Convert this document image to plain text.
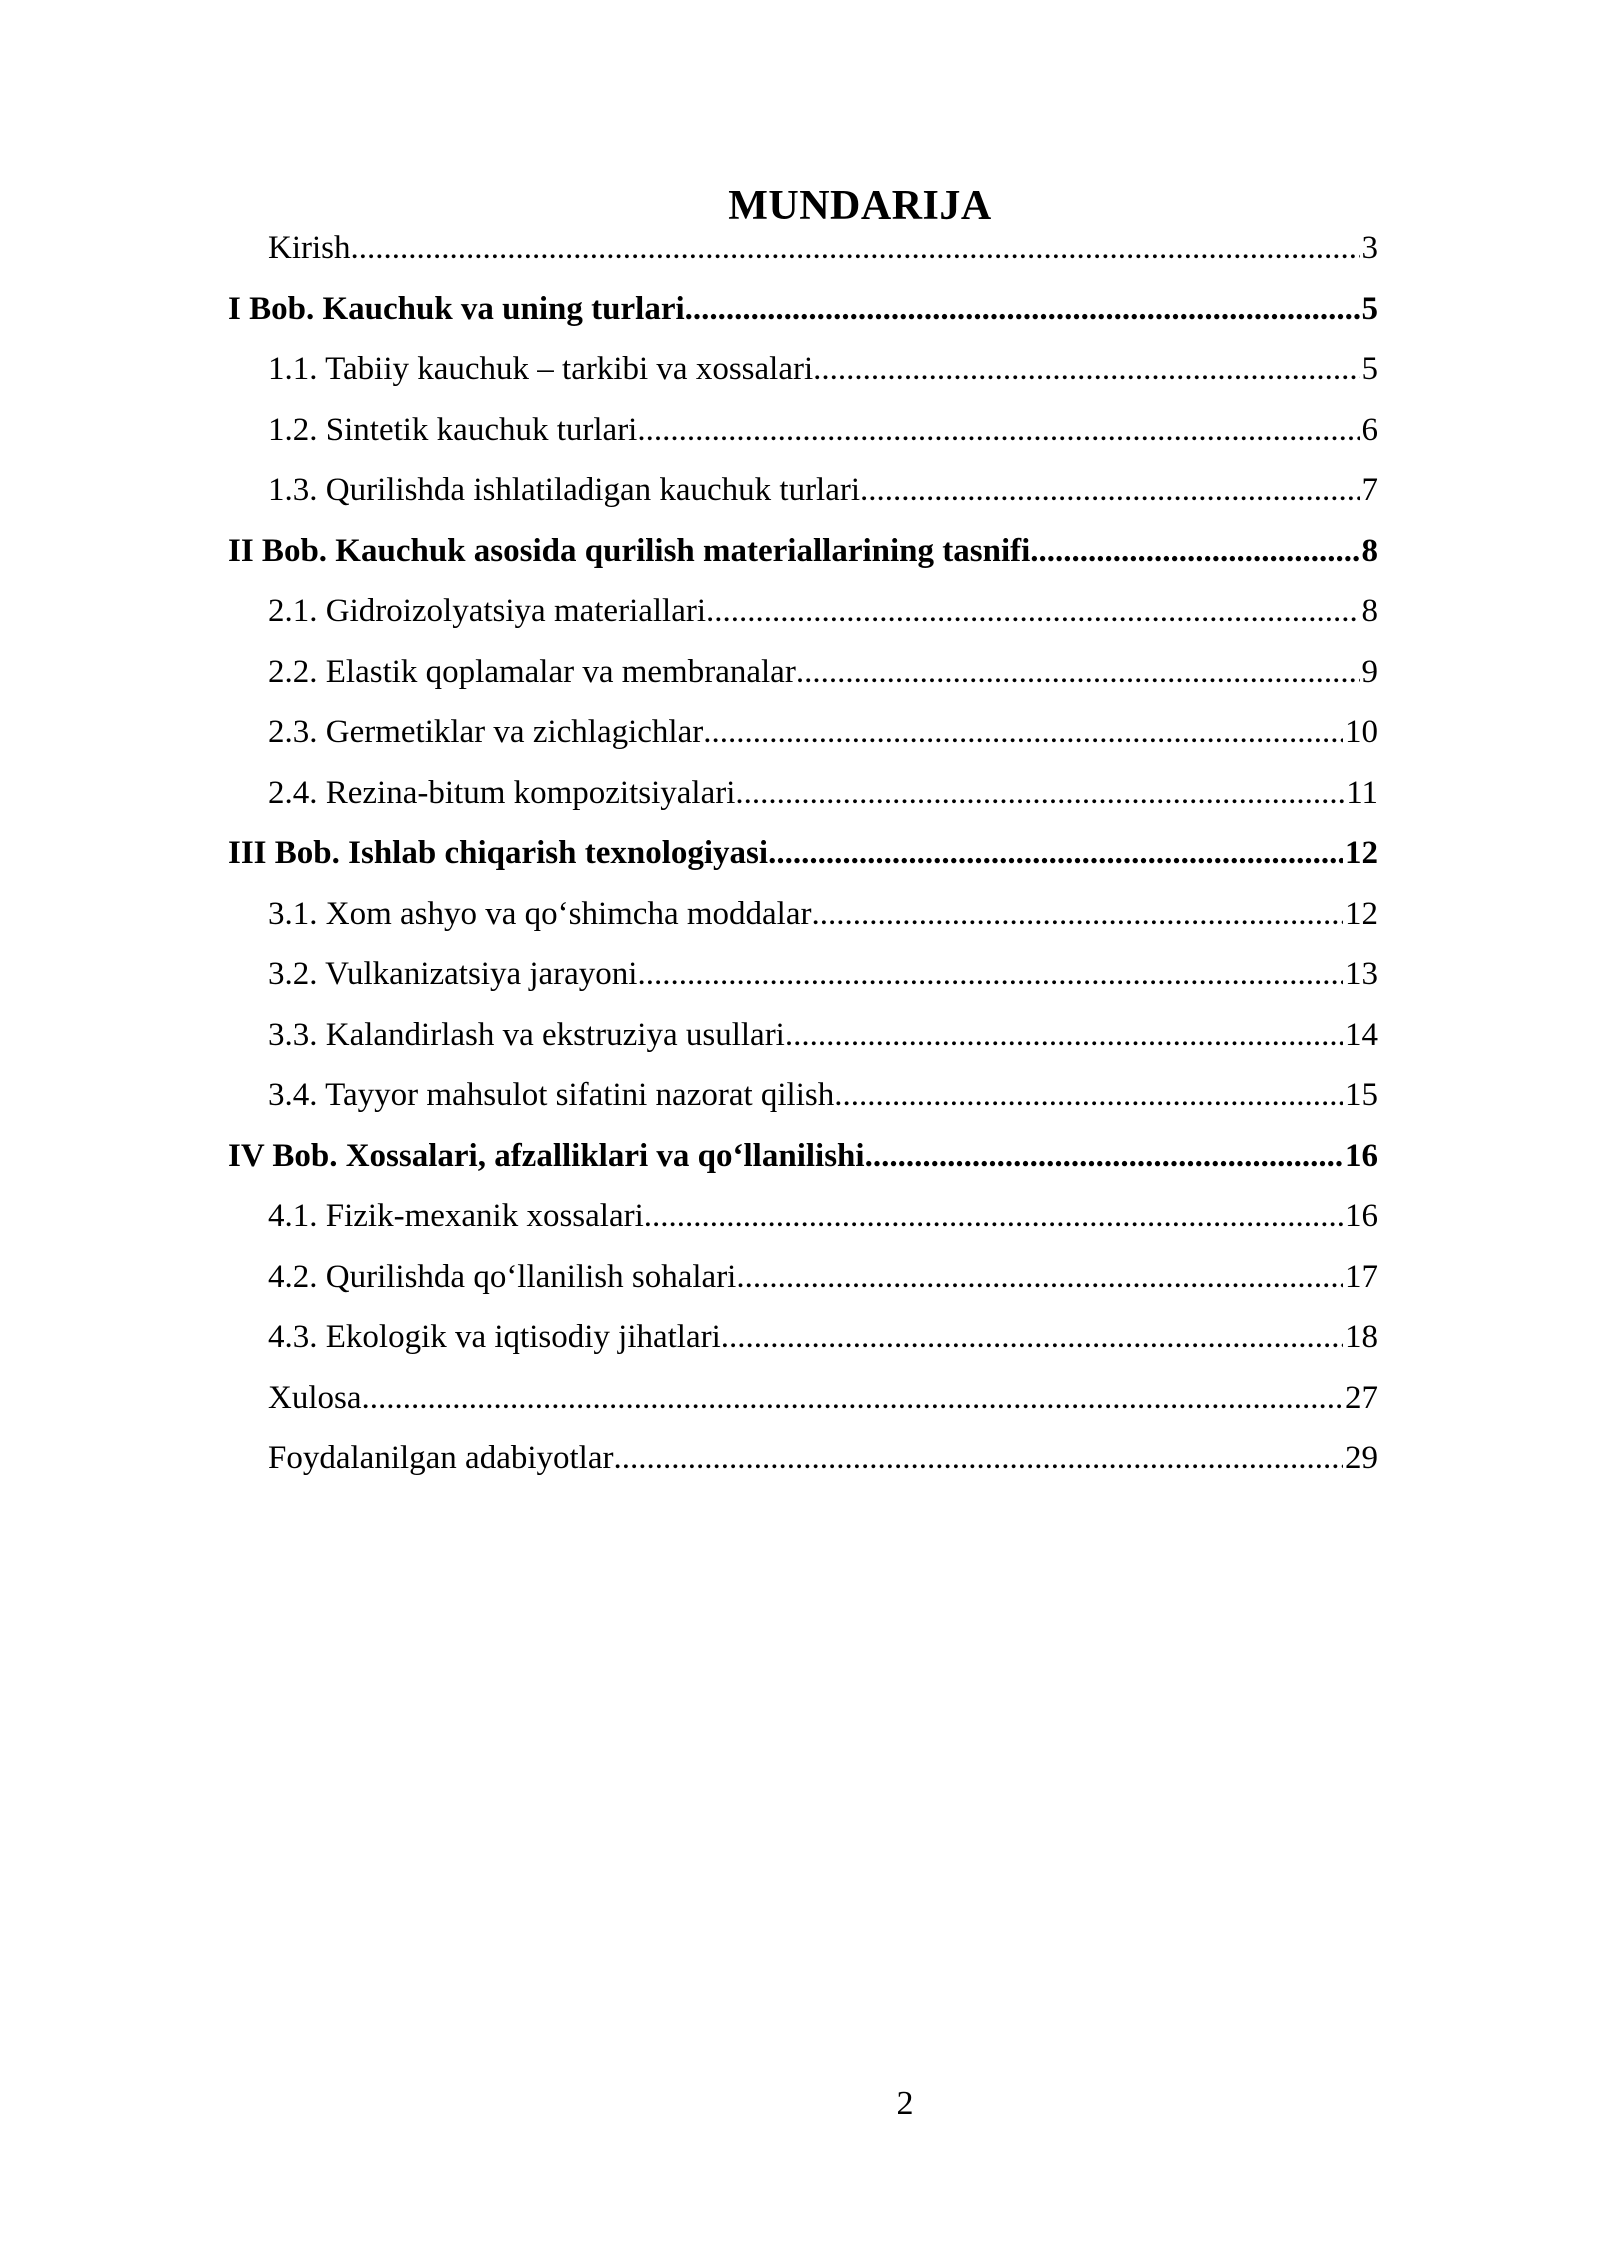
MUNDARIJA
Kirish .....	3
I Bob. Kauchuk va uning turlari .....	5
1.1. Tabiiy kauchuk – tarkibi va xossalari .....	5
1.2. Sintetik kauchuk turlari .....	6
1.3. Qurilishda ishlatiladigan kauchuk turlari .....	7
II Bob. Kauchuk asosida qurilish materiallarining tasnifi .....	8
2.1. Gidroizolyatsiya materiallari .....	8
2.2. Elastik qoplamalar va membranalar .....	9
2.3. Germetiklar va zichlagichlar .....	10
2.4. Rezina-bitum kompozitsiyalari .....	11
III Bob. Ishlab chiqarish texnologiyasi .....	12
3.1. Xom ashyo va qo‘shimcha moddalar .....	12
3.2. Vulkanizatsiya jarayoni .....	13
3.3. Kalandirlash va ekstruziya usullari .....	14
3.4. Tayyor mahsulot sifatini nazorat qilish .....	15
IV Bob. Xossalari, afzalliklari va qo‘llanilishi .....	16
4.1. Fizik-mexanik xossalari .....	16
4.2. Qurilishda qo‘llanilish sohalari .....	17
4.3. Ekologik va iqtisodiy jihatlari .....	18
Xulosa .....	27
Foydalanilgan adabiyotlar .....	29
2
